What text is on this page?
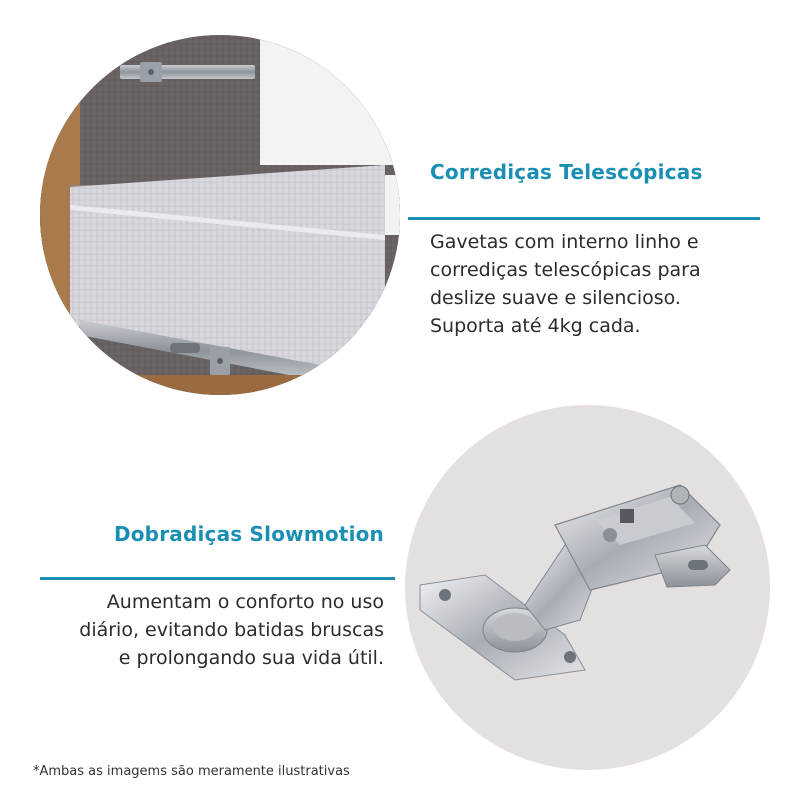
Corrediças Telescópicas

Gavetas com interno linho e
corrediças telescópicas para
deslize suave e silencioso.
Suporta até 4kg cada.

Dobradiças Slowmotion

Aumentam o conforto no uso
diário, evitando batidas bruscas
e prolongando sua vida útil.

*Ambas as imagems são meramente ilustrativas
